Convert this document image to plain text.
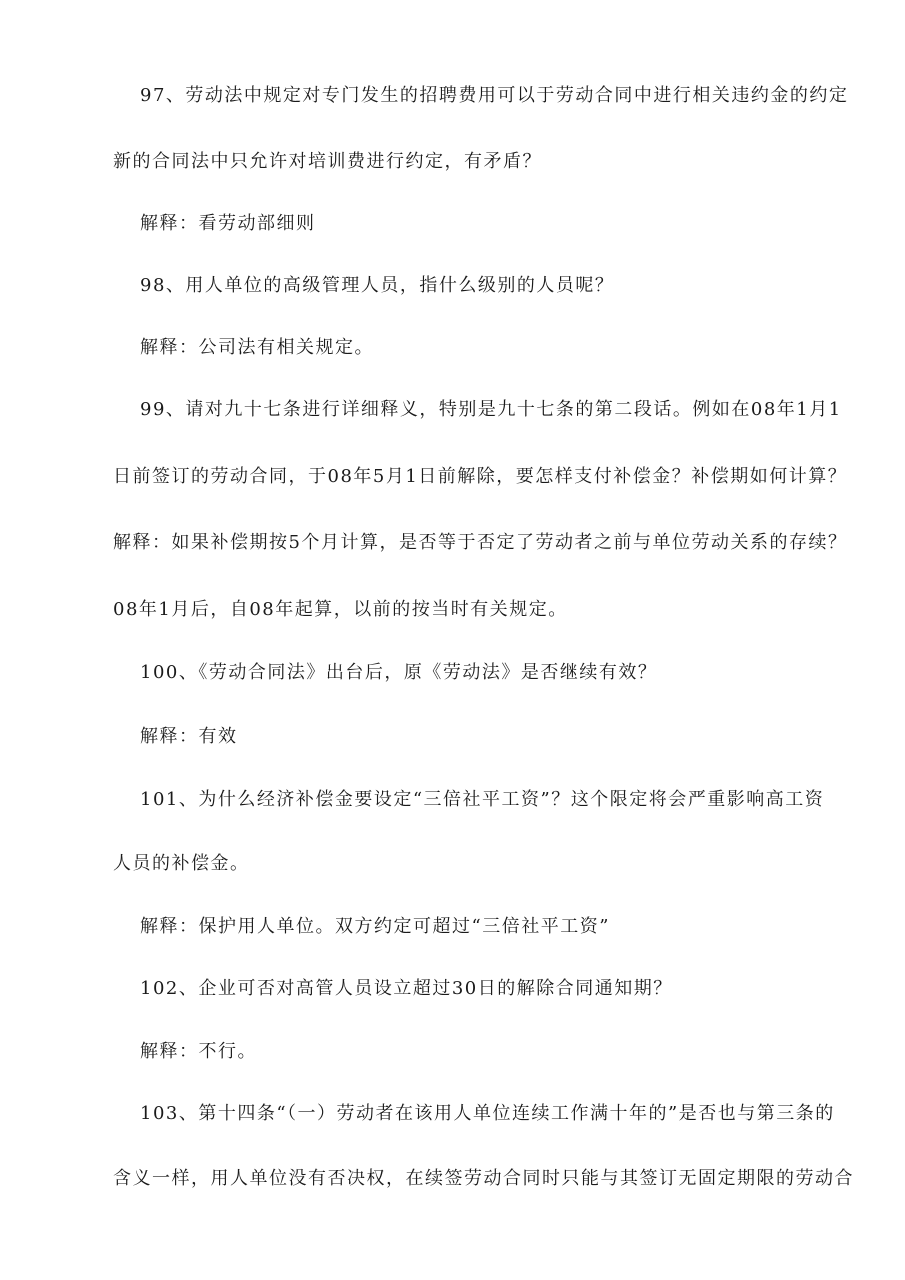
97、劳动法中规定对专门发生的招聘费用可以于劳动合同中进行相关违约金的约定
新的合同法中只允许对培训费进行约定，有矛盾？
解释：看劳动部细则
98、用人单位的高级管理人员，指什么级别的人员呢？
解释：公司法有相关规定。
99、请对九十七条进行详细释义，特别是九十七条的第二段话。例如在08年1月1
日前签订的劳动合同，于08年5月1日前解除，要怎样支付补偿金？补偿期如何计算？
解释：如果补偿期按5个月计算，是否等于否定了劳动者之前与单位劳动关系的存续？
08年1月后，自08年起算，以前的按当时有关规定。
100、《劳动合同法》出台后，原《劳动法》是否继续有效？
解释：有效
101、为什么经济补偿金要设定“三倍社平工资”？这个限定将会严重影响高工资
人员的补偿金。
解释：保护用人单位。双方约定可超过“三倍社平工资”
102、企业可否对高管人员设立超过30日的解除合同通知期？
解释：不行。
103、第十四条“（一）劳动者在该用人单位连续工作满十年的”是否也与第三条的
含义一样，用人单位没有否决权，在续签劳动合同时只能与其签订无固定期限的劳动合
